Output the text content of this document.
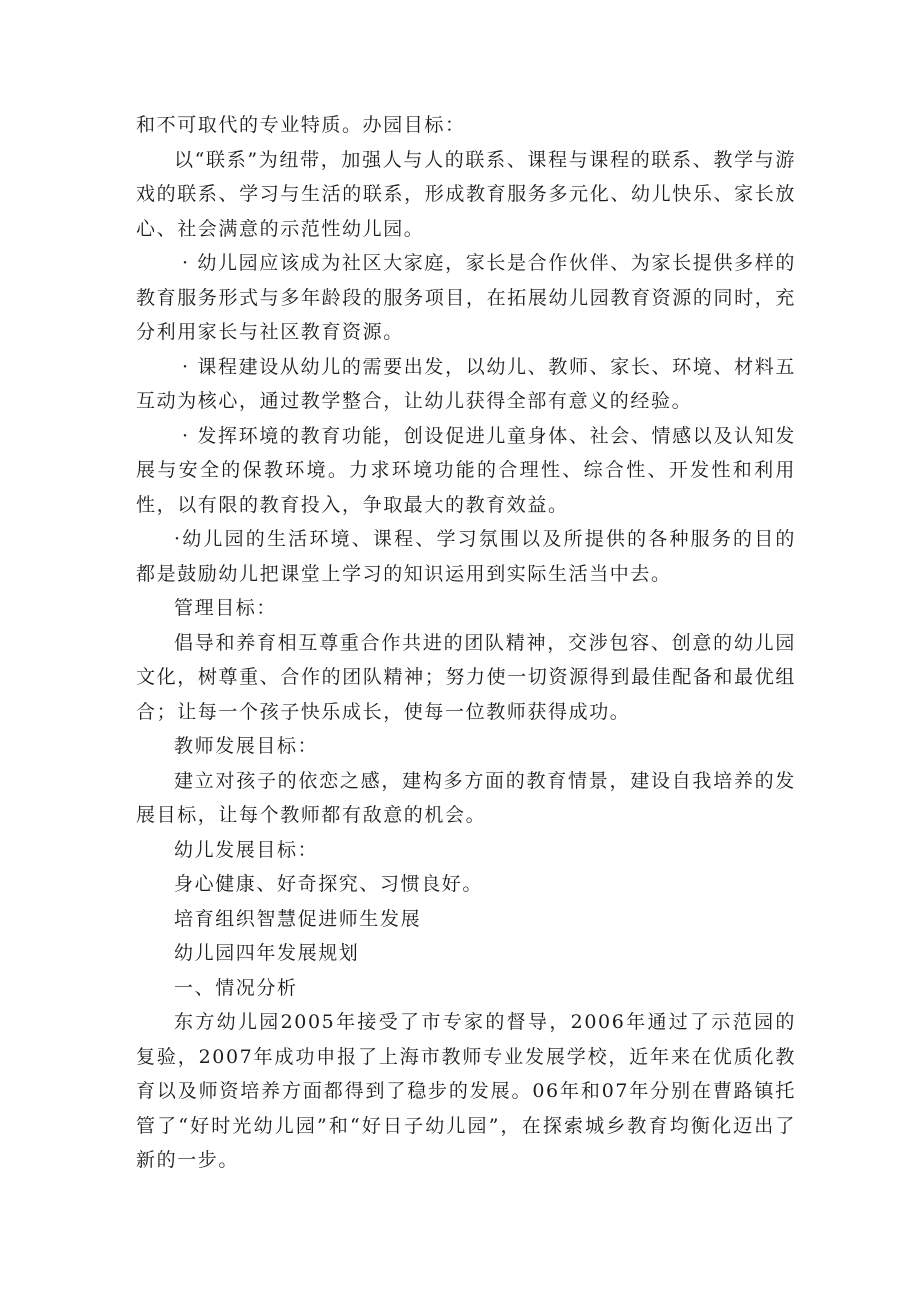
和不可取代的专业特质。办园目标：

以“联系”为纽带，加强人与人的联系、课程与课程的联系、教学与游戏的联系、学习与生活的联系，形成教育服务多元化、幼儿快乐、家长放心、社会满意的示范性幼儿园。

· 幼儿园应该成为社区大家庭，家长是合作伙伴、为家长提供多样的教育服务形式与多年龄段的服务项目，在拓展幼儿园教育资源的同时，充分利用家长与社区教育资源。

· 课程建设从幼儿的需要出发，以幼儿、教师、家长、环境、材料五互动为核心，通过教学整合，让幼儿获得全部有意义的经验。

· 发挥环境的教育功能，创设促进儿童身体、社会、情感以及认知发展与安全的保教环境。力求环境功能的合理性、综合性、开发性和利用性，以有限的教育投入，争取最大的教育效益。

·幼儿园的生活环境、课程、学习氛围以及所提供的各种服务的目的都是鼓励幼儿把课堂上学习的知识运用到实际生活当中去。

管理目标：

倡导和养育相互尊重合作共进的团队精神，交涉包容、创意的幼儿园文化，树尊重、合作的团队精神；努力使一切资源得到最佳配备和最优组合；让每一个孩子快乐成长，使每一位教师获得成功。

教师发展目标：

建立对孩子的依恋之感，建构多方面的教育情景，建设自我培养的发展目标，让每个教师都有敌意的机会。

幼儿发展目标：

身心健康、好奇探究、习惯良好。

培育组织智慧促进师生发展

幼儿园四年发展规划

一、情况分析

东方幼儿园2005年接受了市专家的督导，2006年通过了示范园的复验，2007年成功申报了上海市教师专业发展学校，近年来在优质化教育以及师资培养方面都得到了稳步的发展。06年和07年分别在曹路镇托管了“好时光幼儿园”和“好日子幼儿园”，在探索城乡教育均衡化迈出了新的一步。
